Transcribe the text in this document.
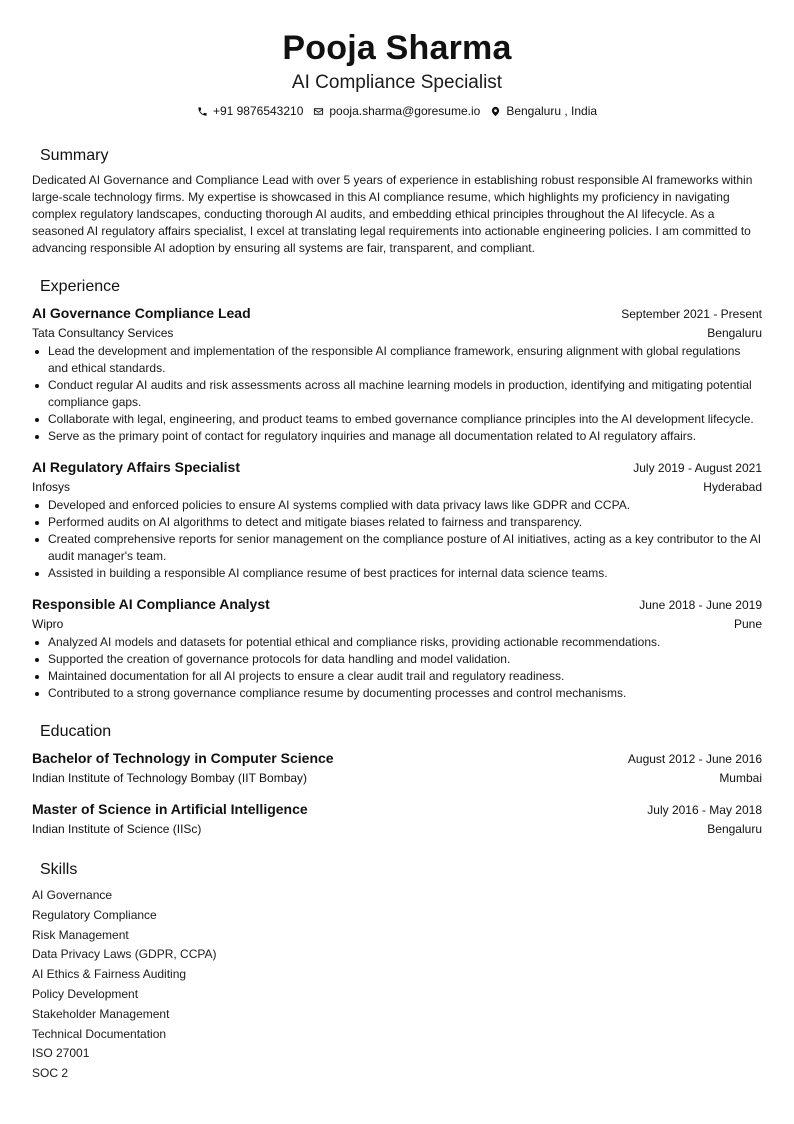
Pooja Sharma
AI Compliance Specialist
+91 9876543210 pooja.sharma@goresume.io Bengaluru , India
Summary

Dedicated AI Governance and Compliance Lead with over 5 years of experience in establishing robust responsible AI frameworks within large-scale technology firms. My expertise is showcased in this AI compliance resume, which highlights my proficiency in navigating complex regulatory landscapes, conducting thorough AI audits, and embedding ethical principles throughout the AI lifecycle. As a seasoned AI regulatory affairs specialist, I excel at translating legal requirements into actionable engineering policies. I am committed to advancing responsible AI adoption by ensuring all systems are fair, transparent, and compliant.

Experience
AI Governance Compliance Lead	September 2021 - Present
Tata Consultancy Services	Bengaluru
Lead the development and implementation of the responsible AI compliance framework, ensuring alignment with global regulations and ethical standards.
Conduct regular AI audits and risk assessments across all machine learning models in production, identifying and mitigating potential compliance gaps.
Collaborate with legal, engineering, and product teams to embed governance compliance principles into the AI development lifecycle.
Serve as the primary point of contact for regulatory inquiries and manage all documentation related to AI regulatory affairs.
AI Regulatory Affairs Specialist	July 2019 - August 2021
Infosys	Hyderabad
Developed and enforced policies to ensure AI systems complied with data privacy laws like GDPR and CCPA.
Performed audits on AI algorithms to detect and mitigate biases related to fairness and transparency.
Created comprehensive reports for senior management on the compliance posture of AI initiatives, acting as a key contributor to the AI audit manager's team.
Assisted in building a responsible AI compliance resume of best practices for internal data science teams.
Responsible AI Compliance Analyst	June 2018 - June 2019
Wipro	Pune
Analyzed AI models and datasets for potential ethical and compliance risks, providing actionable recommendations.
Supported the creation of governance protocols for data handling and model validation.
Maintained documentation for all AI projects to ensure a clear audit trail and regulatory readiness.
Contributed to a strong governance compliance resume by documenting processes and control mechanisms.
Education
Bachelor of Technology in Computer Science	August 2012 - June 2016
Indian Institute of Technology Bombay (IIT Bombay)	Mumbai
Master of Science in Artificial Intelligence	July 2016 - May 2018
Indian Institute of Science (IISc)	Bengaluru
Skills
AI Governance
Regulatory Compliance
Risk Management
Data Privacy Laws (GDPR, CCPA)
AI Ethics & Fairness Auditing
Policy Development
Stakeholder Management
Technical Documentation
ISO 27001
SOC 2
